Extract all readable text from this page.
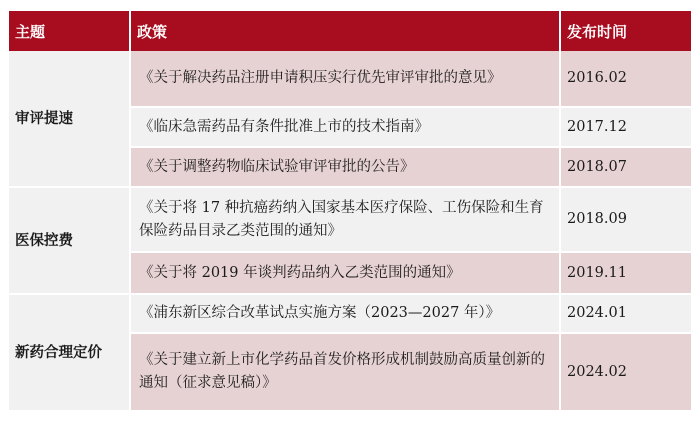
主题	政策	发布时间
审评提速	《关于解决药品注册申请积压实行优先审评审批的意见》	2016.02
	《临床急需药品有条件批准上市的技术指南》	2017.12
	《关于调整药物临床试验审评审批的公告》	2018.07
医保控费	《关于将 17 种抗癌药纳入国家基本医疗保险、工伤保险和生育保险药品目录乙类范围的通知》	2018.09
	《关于将 2019 年谈判药品纳入乙类范围的通知》	2019.11
新药合理定价	《浦东新区综合改革试点实施方案（2023—2027 年）》	2024.01
	《关于建立新上市化学药品首发价格形成机制鼓励高质量创新的通知（征求意见稿）》	2024.02
